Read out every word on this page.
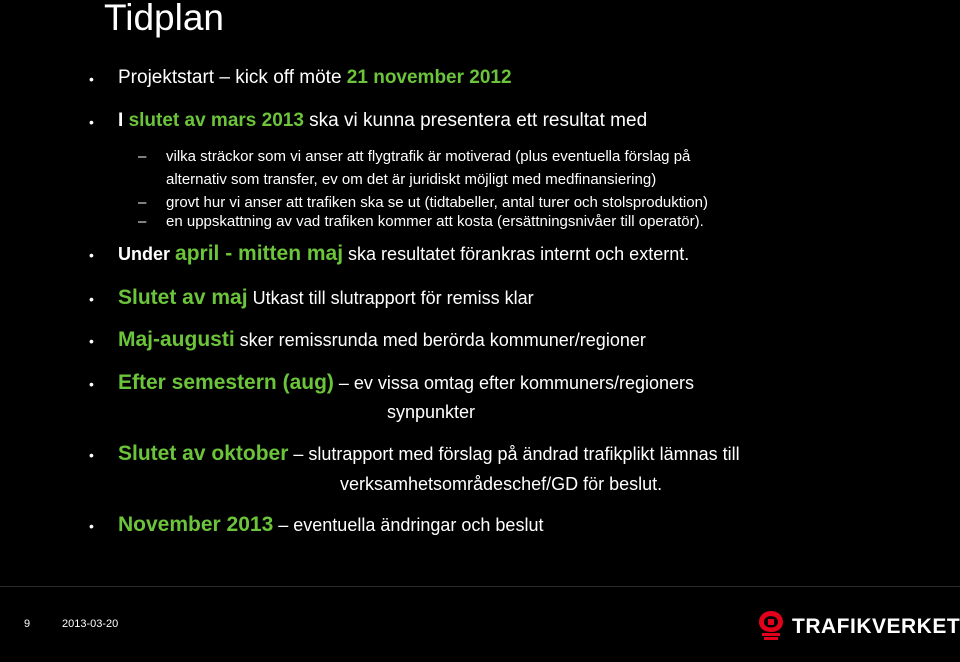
Tidplan
• Projektstart – kick off möte 21 november 2012
• I slutet av mars 2013 ska vi kunna presentera ett resultat med
– vilka sträckor som vi anser att flygtrafik är motiverad (plus eventuella förslag på
alternativ som transfer, ev om det är juridiskt möjligt med medfinansiering)
– grovt hur vi anser att trafiken ska se ut (tidtabeller, antal turer och stolsproduktion)
– en uppskattning av vad trafiken kommer att kosta (ersättningsnivåer till operatör).
• Under april - mitten maj ska resultatet förankras internt och externt.
• Slutet av maj Utkast till slutrapport för remiss klar
• Maj-augusti sker remissrunda med berörda kommuner/regioner
• Efter semestern (aug) – ev vissa omtag efter kommuners/regioners
synpunkter
• Slutet av oktober – slutrapport med förslag på ändrad trafikplikt lämnas till
verksamhetsområdeschef/GD för beslut.
• November 2013 – eventuella ändringar och beslut
9	2013-03-20	TRAFIKVERKET
